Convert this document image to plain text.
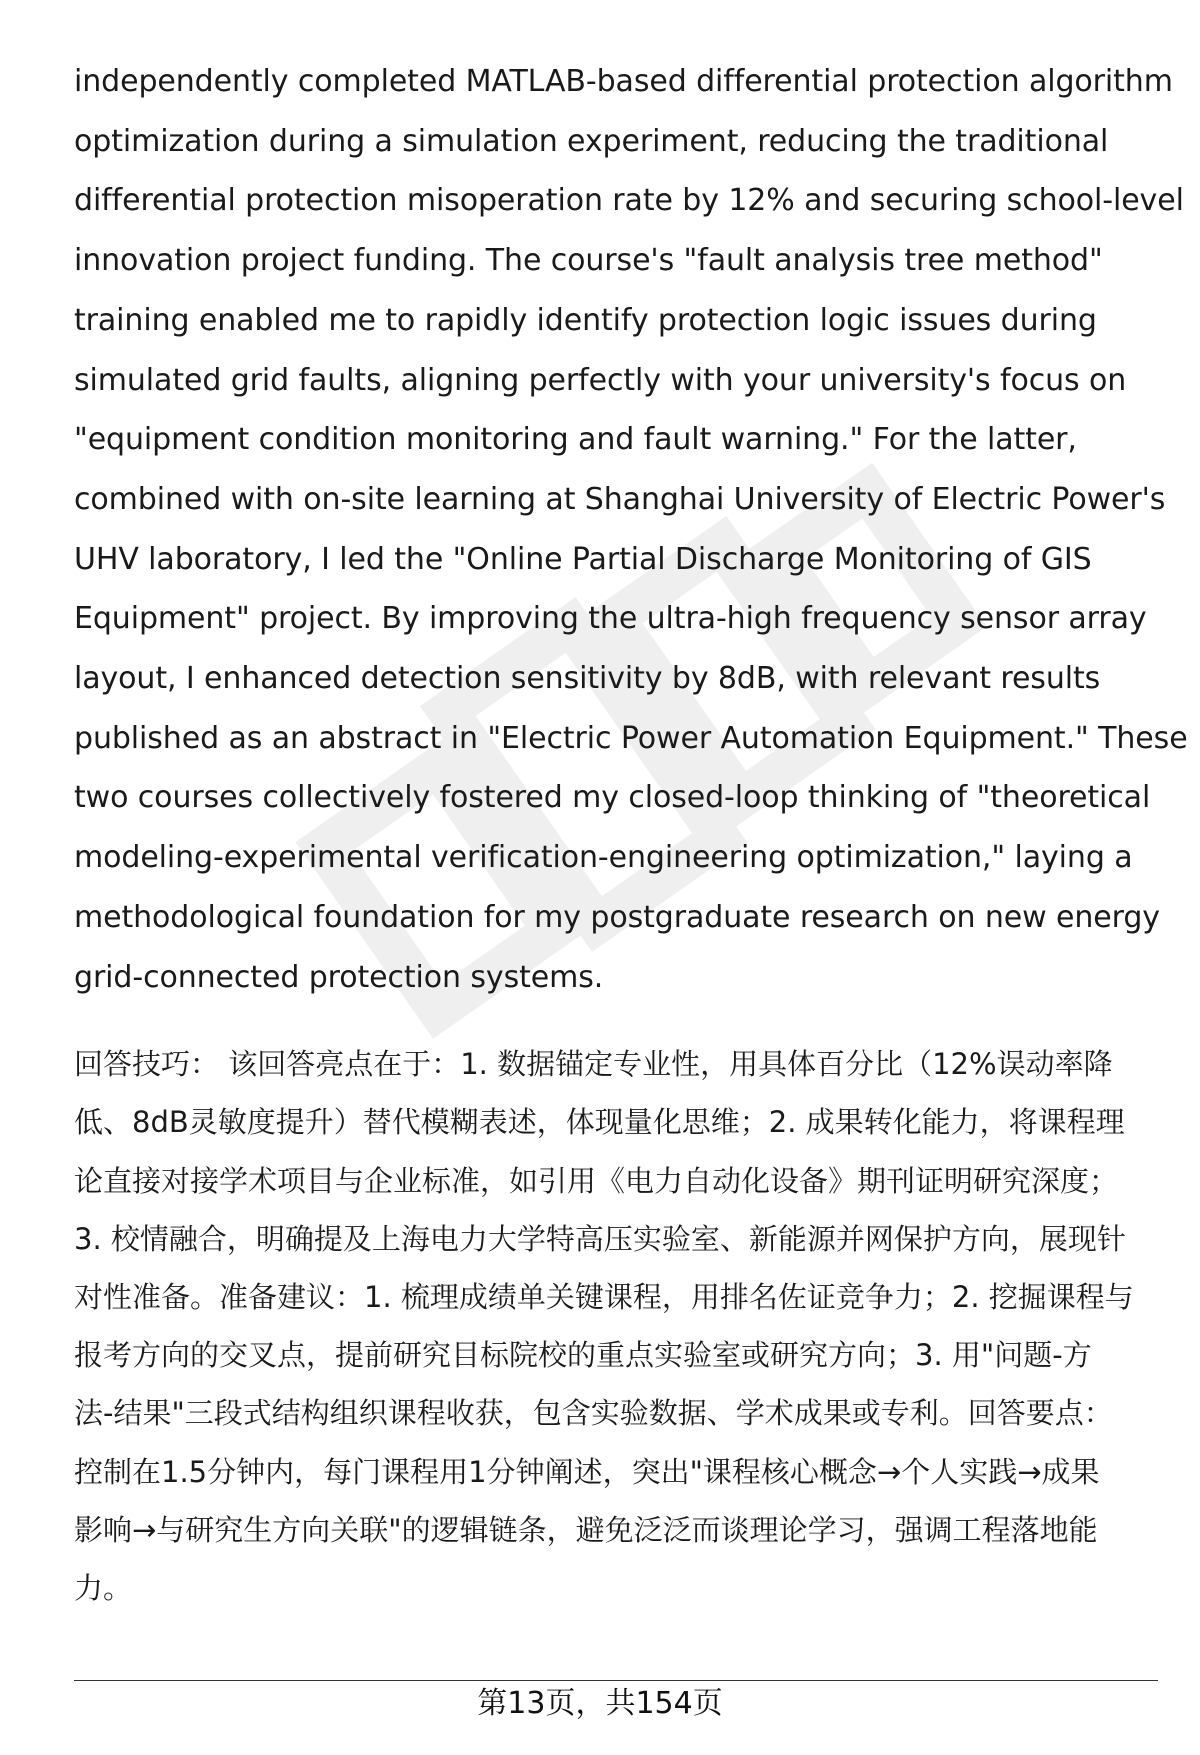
independently completed MATLAB-based differential protection algorithm
optimization during a simulation experiment, reducing the traditional
differential protection misoperation rate by 12% and securing school-level
innovation project funding. The course's "fault analysis tree method"
training enabled me to rapidly identify protection logic issues during
simulated grid faults, aligning perfectly with your university's focus on
"equipment condition monitoring and fault warning." For the latter,
combined with on-site learning at Shanghai University of Electric Power's
UHV laboratory, I led the "Online Partial Discharge Monitoring of GIS
Equipment" project. By improving the ultra-high frequency sensor array
layout, I enhanced detection sensitivity by 8dB, with relevant results
published as an abstract in "Electric Power Automation Equipment." These
two courses collectively fostered my closed-loop thinking of "theoretical
modeling-experimental verification-engineering optimization," laying a
methodological foundation for my postgraduate research on new energy
grid-connected protection systems.
回答技巧： 该回答亮点在于：1. 数据锚定专业性，用具体百分比（12%误动率降
低、8dB灵敏度提升）替代模糊表述，体现量化思维；2. 成果转化能力，将课程理
论直接对接学术项目与企业标准，如引用《电力自动化设备》期刊证明研究深度；
3. 校情融合，明确提及上海电力大学特高压实验室、新能源并网保护方向，展现针
对性准备。准备建议：1. 梳理成绩单关键课程，用排名佐证竞争力；2. 挖掘课程与
报考方向的交叉点，提前研究目标院校的重点实验室或研究方向；3. 用"问题-方
法-结果"三段式结构组织课程收获，包含实验数据、学术成果或专利。回答要点：
控制在1.5分钟内，每门课程用1分钟阐述，突出"课程核心概念→个人实践→成果
影响→与研究生方向关联"的逻辑链条，避免泛泛而谈理论学习，强调工程落地能
力。
第13页，共154页
